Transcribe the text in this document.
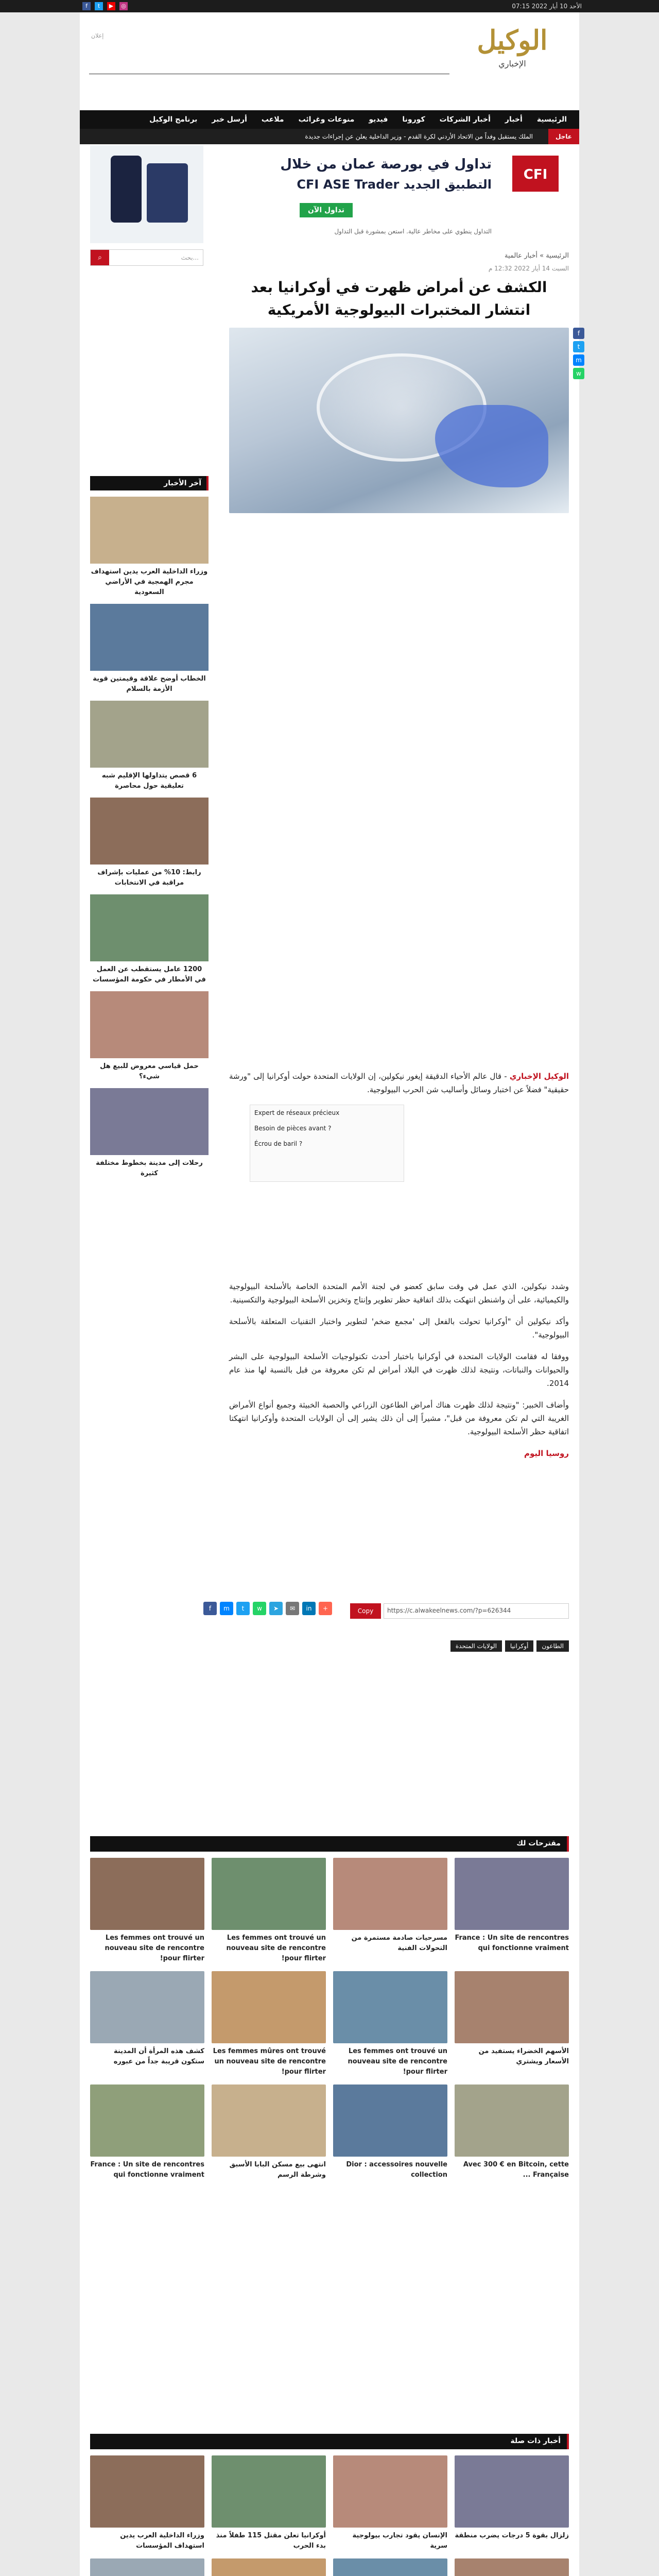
f	t	▶	◎	الأحد 10 أيار 2022 07:15
إعلان	الوكيل
الإخباري
الرئيسية
أخبار
أخبار الشركات
كورونا
فيديو
منوعات وغرائب
ملاعب
أرسل خبر
برنامج الوكيل
عاجل
الملك يستقبل وفداً من الاتحاد الأردني لكرة القدم - وزير الداخلية يعلن عن إجراءات جديدة
CFI
تداول في بورصة عمان من خلال
التطبيق الجديد CFI ASE Trader
تداول الآن
التداول ينطوي على مخاطر عالية. استعن بمشورة قبل التداول
الرئيسية » أخبار عالمية
⌕	بحث...
السبت 14 أيار 2022 12:32 م
الكشف عن أمراض ظهرت في أوكرانيا بعد انتشار المختبرات البيولوجية الأمريكية
f
t
m
w

الوكيل الإخباري - قال عالم الأحياء الدقيقة إيغور نيكولين، إن الولايات المتحدة حولت أوكرانيا إلى "ورشة حقيقية" فضلاً عن اختبار وسائل وأساليب شن الحرب البيولوجية.

Expert de réseaux précieux
Besoin de pièces avant ?
Écrou de baril ?

وشدد نيكولين، الذي عمل في وقت سابق كعضو في لجنة الأمم المتحدة الخاصة بالأسلحة البيولوجية والكيميائية، على أن واشنطن انتهكت بذلك اتفاقية حظر تطوير وإنتاج وتخزين الأسلحة البيولوجية والتكسينية.

وأكد نيكولين أن "أوكرانيا تحولت بالفعل إلى 'مجمع ضخم' لتطوير واختبار التقنيات المتعلقة بالأسلحة البيولوجية".

ووفقا له فقامت الولايات المتحدة في أوكرانيا باختبار أحدث تكنولوجيات الأسلحة البيولوجية على البشر والحيوانات والنباتات، ونتيجة لذلك ظهرت في البلاد أمراض لم تكن معروفة من قبل بالنسبة لها منذ عام 2014.

وأضاف الخبير: "ونتيجة لذلك ظهرت هناك أمراض الطاعون الزراعي والحصبة الخبيثة وجميع أنواع الأمراض الغريبة التي لم تكن معروفة من قبل"، مشيراً إلى أن ذلك يشير إلى أن الولايات المتحدة وأوكرانيا انتهكتا اتفاقية حظر الأسلحة البيولوجية.

روسيا اليوم

https://c.alwakeelnews.com/?p=626344
Copy
f	m	t	w	➤	✉	in	+
الولايات المتحدة	أوكرانيا	الطاعون
آخر الأخبار
وزراء الداخلية العرب يدين استهداف مجرم الهمجية في الأراضي السعودية
الخطاب أوضح علاقة وقيمتين قوية الأزمة بالسلام
6 قصص يتداولها الإقليم شبه تعليقية حول محاصرة
رابط: 10% من عمليات بإشراف مراقبة في الانتخابات
1200 عامل يستقطب عن العمل في الأمطار في حكومة المؤسسات
حمل قياسي معروض للبيع هل شيء؟
رحلات إلى مدينة بخطوط مختلفة كثيرة
مقترحات لك
Les femmes ont trouvé un nouveau site de rencontre pour flirter!
Les femmes ont trouvé un nouveau site de rencontre pour flirter!
مسرحيات صادمة مستمرة من التحولات الفنية
France : Un site de rencontres qui fonctionne vraiment
كشف هذه المرأة أن المدينة ستكون قريبة جداً من عبوره
Les femmes mûres ont trouvé un nouveau site de rencontre pour flirter!
Les femmes ont trouvé un nouveau site de rencontre pour flirter!
الأسهم الخضراء يستفيد من الأسعار ويشتري
France : Un site de rencontres qui fonctionne vraiment
انتهى بيع مسكن البابا الأسبق وشرطة الرسم
Dior : accessoires nouvelle collection
Avec 300 € en Bitcoin, cette Française ...
أخبار ذات صلة
وزراء الداخلية العرب يدين استهداف المؤسسات
أوكرانيا تعلن مقتل 115 طفلاً منذ بدء الحرب
الإنسان يقود تجارب بيولوجية سرية
زلزال بقوة 5 درجات يضرب منطقة
